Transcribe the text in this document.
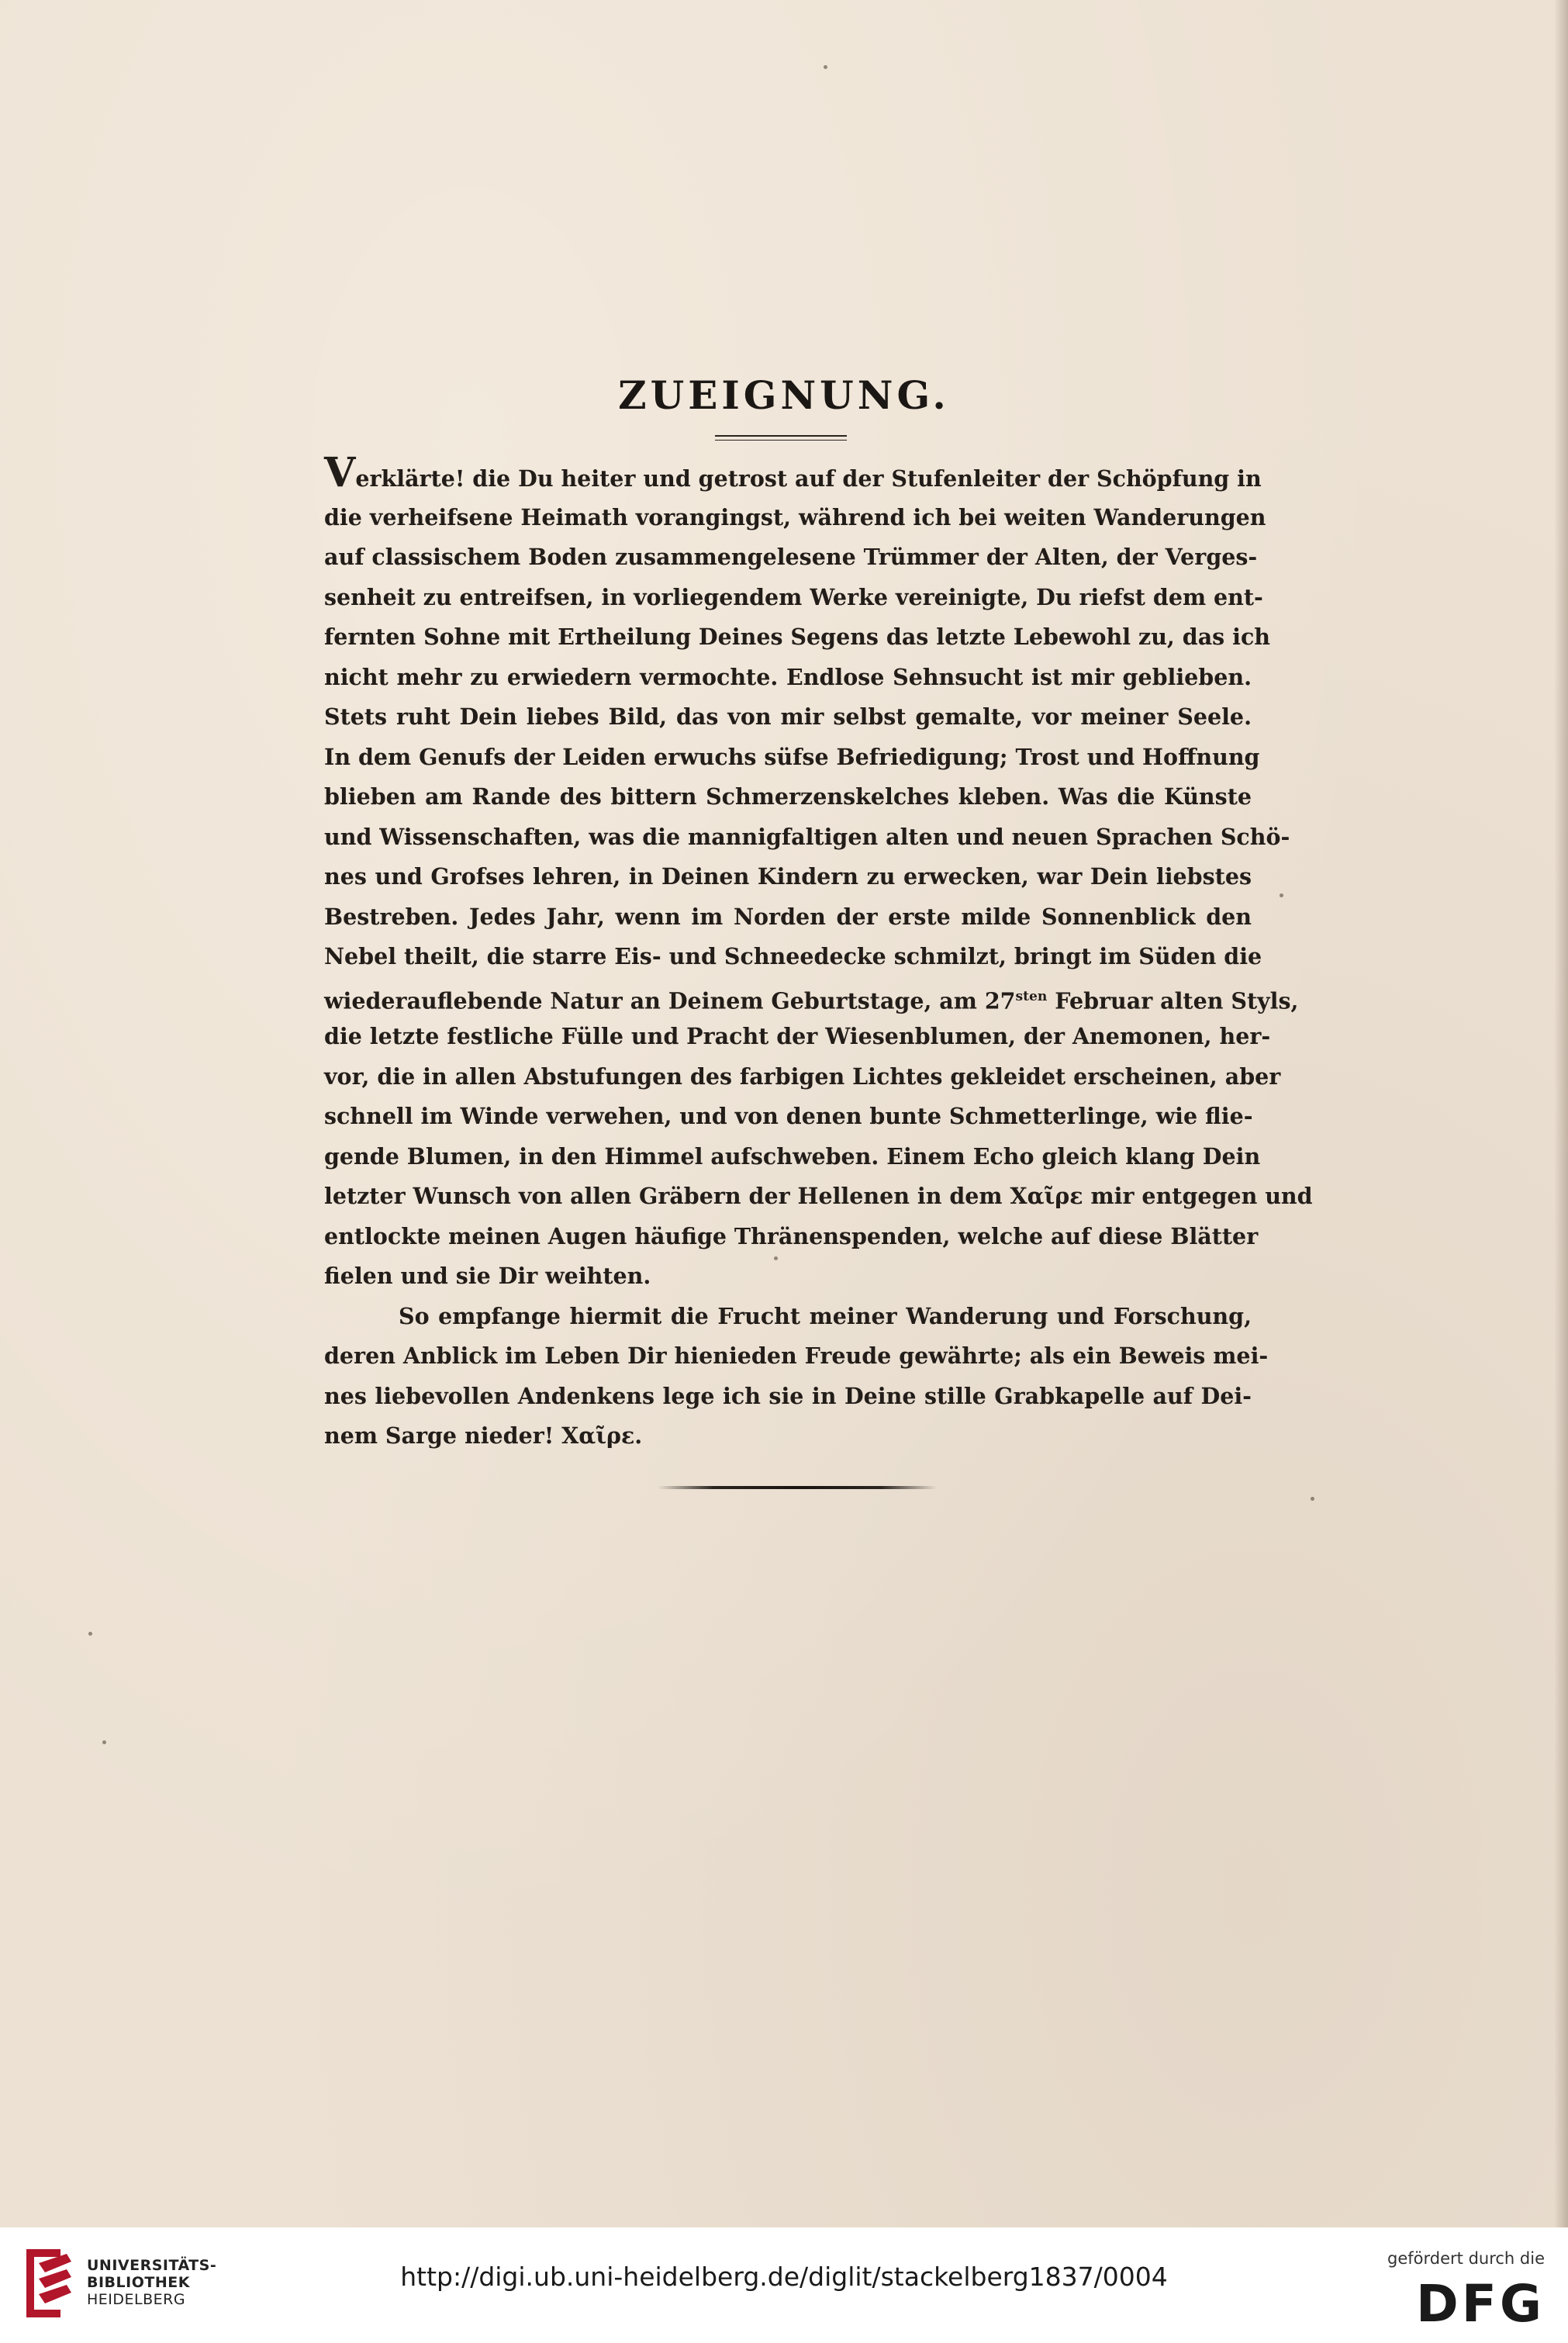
ZUEIGNUNG.
Verklärte! die Du heiter und getrost auf der Stufenleiter der Schöpfung in
die verheifsene Heimath vorangingst, während ich bei weiten Wanderungen
auf classischem Boden zusammengelesene Trümmer der Alten, der Verges-
senheit zu entreifsen, in vorliegendem Werke vereinigte, Du riefst dem ent-
fernten Sohne mit Ertheilung Deines Segens das letzte Lebewohl zu, das ich
nicht mehr zu erwiedern vermochte. Endlose Sehnsucht ist mir geblieben.
Stets ruht Dein liebes Bild, das von mir selbst gemalte, vor meiner Seele.
In dem Genufs der Leiden erwuchs süfse Befriedigung; Trost und Hoffnung
blieben am Rande des bittern Schmerzenskelches kleben. Was die Künste
und Wissenschaften, was die mannigfaltigen alten und neuen Sprachen Schö-
nes und Grofses lehren, in Deinen Kindern zu erwecken, war Dein liebstes
Bestreben. Jedes Jahr, wenn im Norden der erste milde Sonnenblick den
Nebel theilt, die starre Eis- und Schneedecke schmilzt, bringt im Süden die
wiederauflebende Natur an Deinem Geburtstage, am $27^{sten}$ Februar alten Styls,
die letzte festliche Fülle und Pracht der Wiesenblumen, der Anemonen, her-
vor, die in allen Abstufungen des farbigen Lichtes gekleidet erscheinen, aber
schnell im Winde verwehen, und von denen bunte Schmetterlinge, wie flie-
gende Blumen, in den Himmel aufschweben. Einem Echo gleich klang Dein
letzter Wunsch von allen Gräbern der Hellenen in dem Χαῖρε mir entgegen und
entlockte meinen Augen häufige Thränenspenden, welche auf diese Blätter
fielen und sie Dir weihten.
So empfange hiermit die Frucht meiner Wanderung und Forschung,
deren Anblick im Leben Dir hienieden Freude gewährte; als ein Beweis mei-
nes liebevollen Andenkens lege ich sie in Deine stille Grabkapelle auf Dei-
nem Sarge nieder! Χαῖρε.
UNIVERSITÄTS-
BIBLIOTHEK
HEIDELBERG
http://digi.ub.uni-heidelberg.de/diglit/stackelberg1837/0004
gefördert durch die
DFG
